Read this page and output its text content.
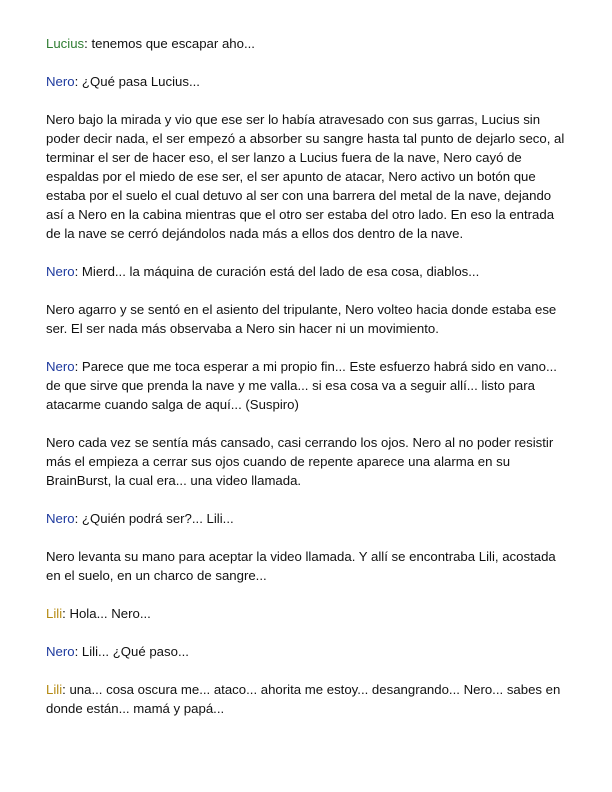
Lucius: tenemos que escapar aho...

Nero: ¿Qué pasa Lucius...

Nero bajo la mirada y vio que ese ser lo había atravesado con sus garras, Lucius sin poder decir nada, el ser empezó a absorber su sangre hasta tal punto de dejarlo seco, al terminar el ser de hacer eso, el ser lanzo a Lucius fuera de la nave, Nero cayó de espaldas por el miedo de ese ser, el ser apunto de atacar, Nero activo un botón que estaba por el suelo el cual detuvo al ser con una barrera del metal de la nave, dejando así a Nero en la cabina mientras que el otro ser estaba del otro lado. En eso la entrada de la nave se cerró dejándolos nada más a ellos dos dentro de la nave.

Nero: Mierd... la máquina de curación está del lado de esa cosa, diablos...

Nero agarro y se sentó en el asiento del tripulante, Nero volteo hacia donde estaba ese ser. El ser nada más observaba a Nero sin hacer ni un movimiento.

Nero: Parece que me toca esperar a mi propio fin... Este esfuerzo habrá sido en vano... de que sirve que prenda la nave y me valla... si esa cosa va a seguir allí... listo para atacarme cuando salga de aquí... (Suspiro)

Nero cada vez se sentía más cansado, casi cerrando los ojos. Nero al no poder resistir más el empieza a cerrar sus ojos cuando de repente aparece una alarma en su BrainBurst, la cual era... una video llamada.

Nero: ¿Quién podrá ser?... Lili...

Nero levanta su mano para aceptar la video llamada. Y allí se encontraba Lili, acostada en el suelo, en un charco de sangre...

Lili: Hola... Nero...

Nero: Lili... ¿Qué paso...

Lili: una... cosa oscura me... ataco... ahorita me estoy... desangrando... Nero... sabes en donde están... mamá y papá...
